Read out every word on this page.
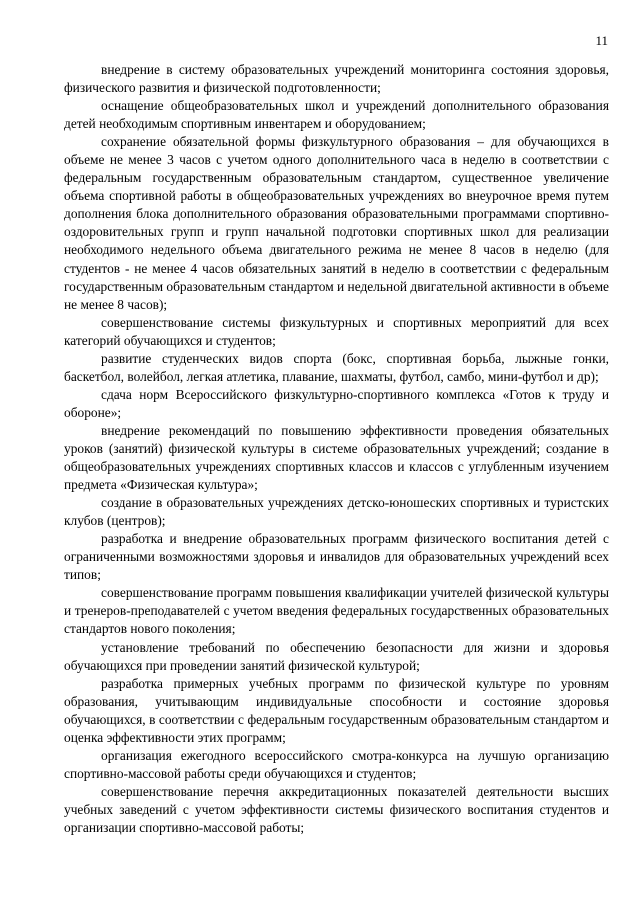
11

внедрение в систему образовательных учреждений мониторинга состояния здоровья, физического развития и физической подготовленности;

оснащение общеобразовательных школ и учреждений дополнительного образования детей необходимым спортивным инвентарем и оборудованием;

сохранение обязательной формы физкультурного образования – для обучающихся в объеме не менее 3 часов с учетом одного дополнительного часа в неделю в соответствии с федеральным государственным образовательным стандартом, существенное увеличение объема спортивной работы в общеобразовательных учреждениях во внеурочное время путем дополнения блока дополнительного образования образовательными программами спортивно-оздоровительных групп и групп начальной подготовки спортивных школ для реализации необходимого недельного объема двигательного режима не менее 8 часов в неделю (для студентов - не менее 4 часов обязательных занятий в неделю в соответствии с федеральным государственным образовательным стандартом и недельной двигательной активности в объеме не менее 8 часов);

совершенствование системы физкультурных и спортивных мероприятий для всех категорий обучающихся и студентов;

развитие студенческих видов спорта (бокс, спортивная борьба, лыжные гонки, баскетбол, волейбол, легкая атлетика, плавание, шахматы, футбол, самбо, мини-футбол и др);

сдача норм Всероссийского физкультурно-спортивного комплекса «Готов к труду и обороне»;

внедрение рекомендаций по повышению эффективности проведения обязательных уроков (занятий) физической культуры в системе образовательных учреждений; создание в общеобразовательных учреждениях спортивных классов и классов с углубленным изучением предмета «Физическая культура»;

создание в образовательных учреждениях детско-юношеских спортивных и туристских клубов (центров);

разработка и внедрение образовательных программ физического воспитания детей с ограниченными возможностями здоровья и инвалидов для образовательных учреждений всех типов;

совершенствование программ повышения квалификации учителей физической культуры и тренеров-преподавателей с учетом введения федеральных государственных образовательных стандартов нового поколения;

установление требований по обеспечению безопасности для жизни и здоровья обучающихся при проведении занятий физической культурой;

разработка примерных учебных программ по физической культуре по уровням образования, учитывающим индивидуальные способности и состояние здоровья обучающихся, в соответствии с федеральным государственным образовательным стандартом и оценка эффективности этих программ;

организация ежегодного всероссийского смотра-конкурса на лучшую организацию спортивно-массовой работы среди обучающихся и студентов;

совершенствование перечня аккредитационных показателей деятельности высших учебных заведений с учетом эффективности системы физического воспитания студентов и организации спортивно-массовой работы;
